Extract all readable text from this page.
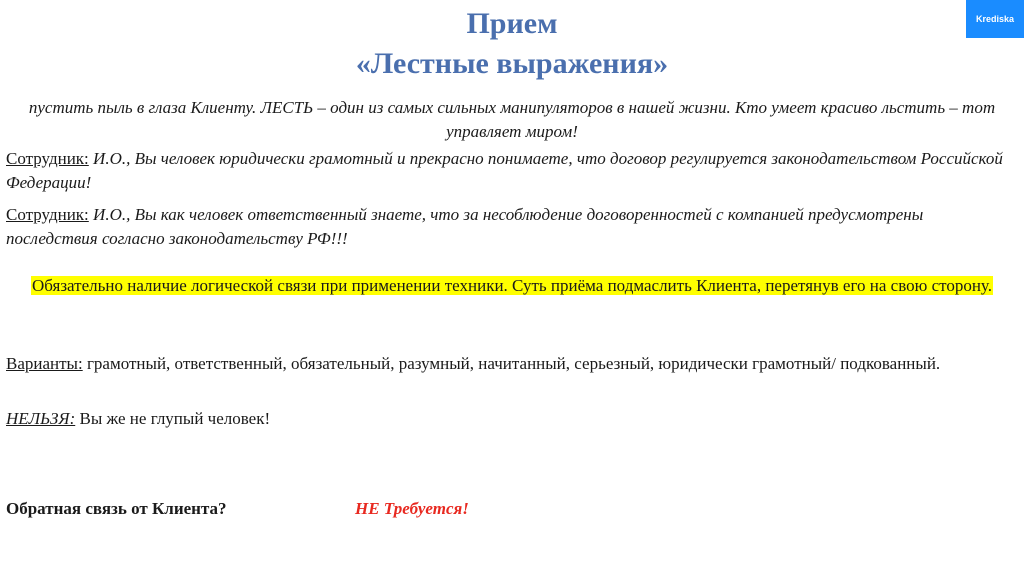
Прием
«Лестные выражения»
Krediska
пустить пыль в глаза Клиенту. ЛЕСТЬ – один из самых сильных манипуляторов в нашей жизни. Кто умеет красиво льстить – тот управляет миром!
Сотрудник: И.О., Вы человек юридически грамотный и прекрасно понимаете, что договор регулируется законодательством Российской Федерации!
Сотрудник: И.О., Вы как человек ответственный знаете, что за несоблюдение договоренностей с компанией предусмотрены последствия согласно законодательству РФ!!!
Обязательно наличие логической связи при применении техники. Суть приёма подмаслить Клиента, перетянув его на свою сторону.
Варианты: грамотный, ответственный, обязательный, разумный, начитанный, серьезный, юридически грамотный/ подкованный.
НЕЛЬЗЯ: Вы же не глупый человек!
Обратная связь от Клиента?	НЕ Требуется!
